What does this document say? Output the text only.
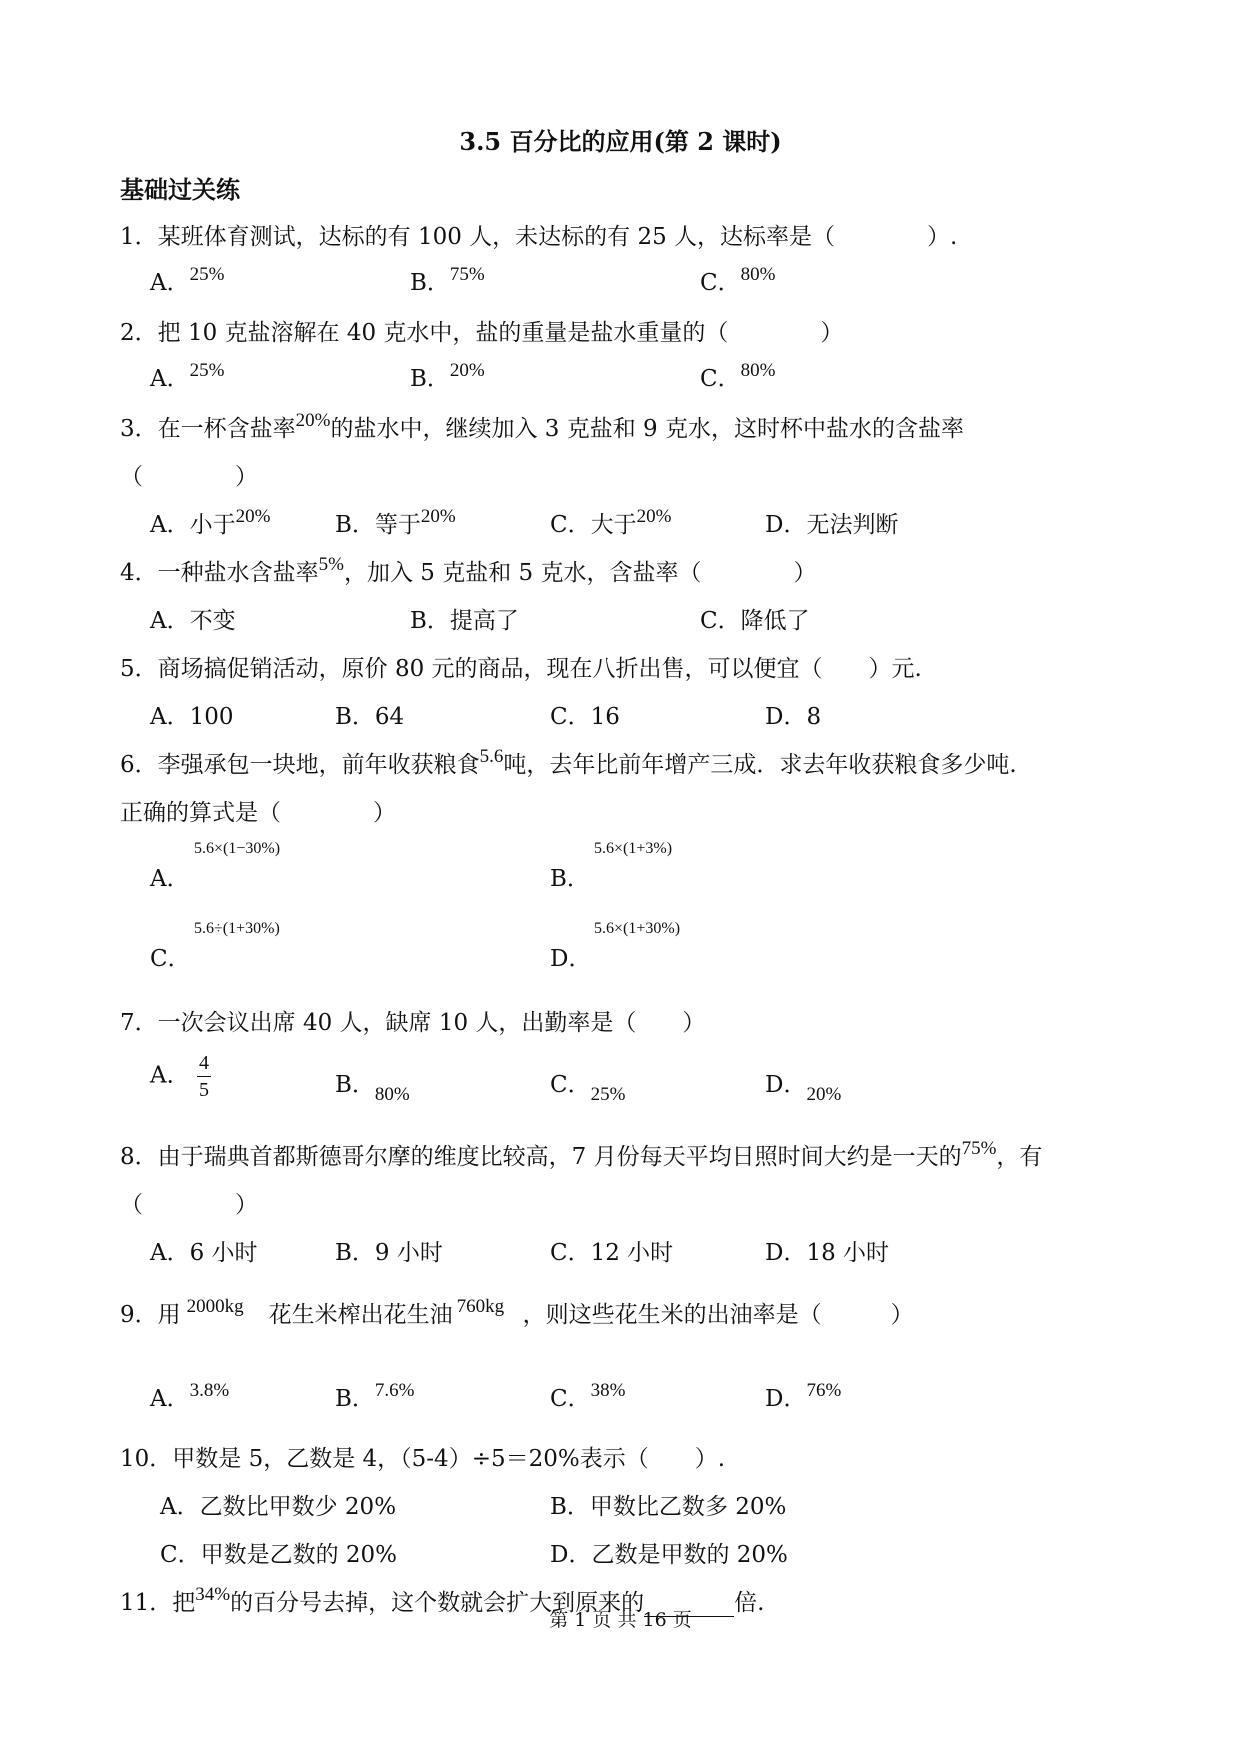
3.5 百分比的应用(第 2 课时)
基础过关练
1．某班体育测试，达标的有 100 人，未达标的有 25 人，达标率是（　　　　）.
A．$^{25\%}$	B．$^{75\%}$	C．$^{80\%}$
2．把 10 克盐溶解在 40 克水中，盐的重量是盐水重量的（　　　　）
A．$^{25\%}$	B．$^{20\%}$	C．$^{80\%}$
3．在一杯含盐率$^{20\%}$的盐水中，继续加入 3 克盐和 9 克水，这时杯中盐水的含盐率
（　　　　）
A．小于$^{20\%}$	B．等于$^{20\%}$	C．大于$^{20\%}$	D．无法判断
4．一种盐水含盐率$^{5\%}$，加入 5 克盐和 5 克水，含盐率（　　　　）
A．不变	B．提高了	C．降低了
5．商场搞促销活动，原价 80 元的商品，现在八折出售，可以便宜（　　）元.
A．100	B．64	C．16	D．8
6．李强承包一块地，前年收获粮食$^{5.6}$吨，去年比前年增产三成．求去年收获粮食多少吨.
正确的算式是（　　　　）
A．
5.6×(1−30%)
B．
5.6×(1+3%)
C．
5.6÷(1+30%)
D．
5.6×(1+30%)
7．一次会议出席 40 人，缺席 10 人，出勤率是（　　）
A． $\frac{4}{5}$	B．$_{80\%}$	C．$_{25\%}$	D．$_{20\%}$
8．由于瑞典首都斯德哥尔摩的维度比较高，7 月份每天平均日照时间大约是一天的$^{75\%}$，有
（　　　　）
A．6 小时	B．9 小时	C．12 小时	D．18 小时
9．用 2000kg 花生米榨出花生油 760kg ，则这些花生米的出油率是（　　　）
A．$^{3.8\%}$	B．$^{7.6\%}$	C．$^{38\%}$	D．$^{76\%}$
10．甲数是 5，乙数是 4，（5-4）÷5＝20%表示（　　）.
A．乙数比甲数少 20%	B．甲数比乙数多 20%
C．甲数是乙数的 20%	D．乙数是甲数的 20%
11．把$^{34\%}$的百分号去掉，这个数就会扩大到原来的	倍.
第 1 页 共 16 页
